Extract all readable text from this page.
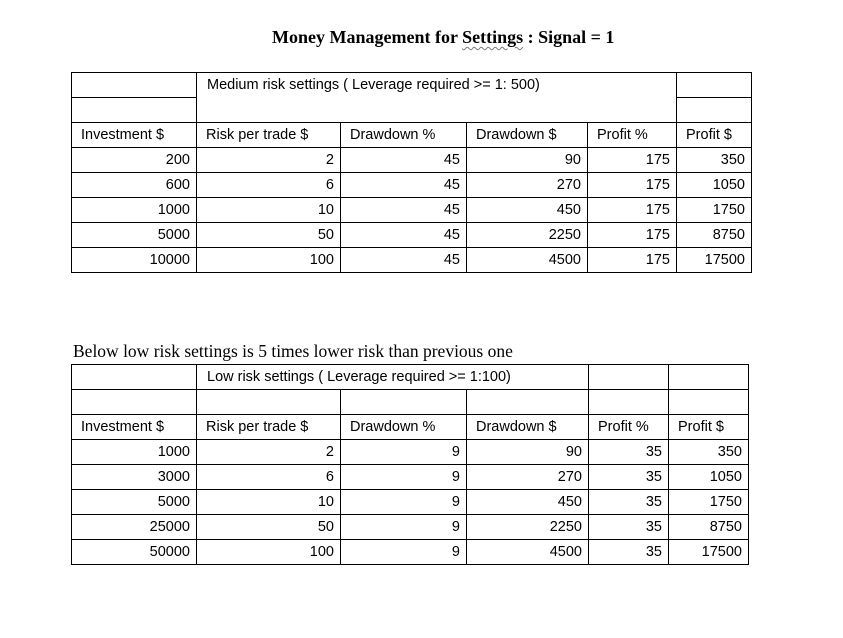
Money Management for Settings : Signal = 1
Medium risk settings ( Leverage required >= 1: 500)
Investment $	Risk per trade $	Drawdown %	Drawdown $	Profit %	Profit $
200	2	45	90	175	350
600	6	45	270	175	1050
1000	10	45	450	175	1750
5000	50	45	2250	175	8750
10000	100	45	4500	175	17500
Below low risk settings is 5 times lower risk than previous one
Low risk settings ( Leverage required >= 1:100)
Investment $	Risk per trade $	Drawdown %	Drawdown $	Profit %	Profit $
1000	2	9	90	35	350
3000	6	9	270	35	1050
5000	10	9	450	35	1750
25000	50	9	2250	35	8750
50000	100	9	4500	35	17500
